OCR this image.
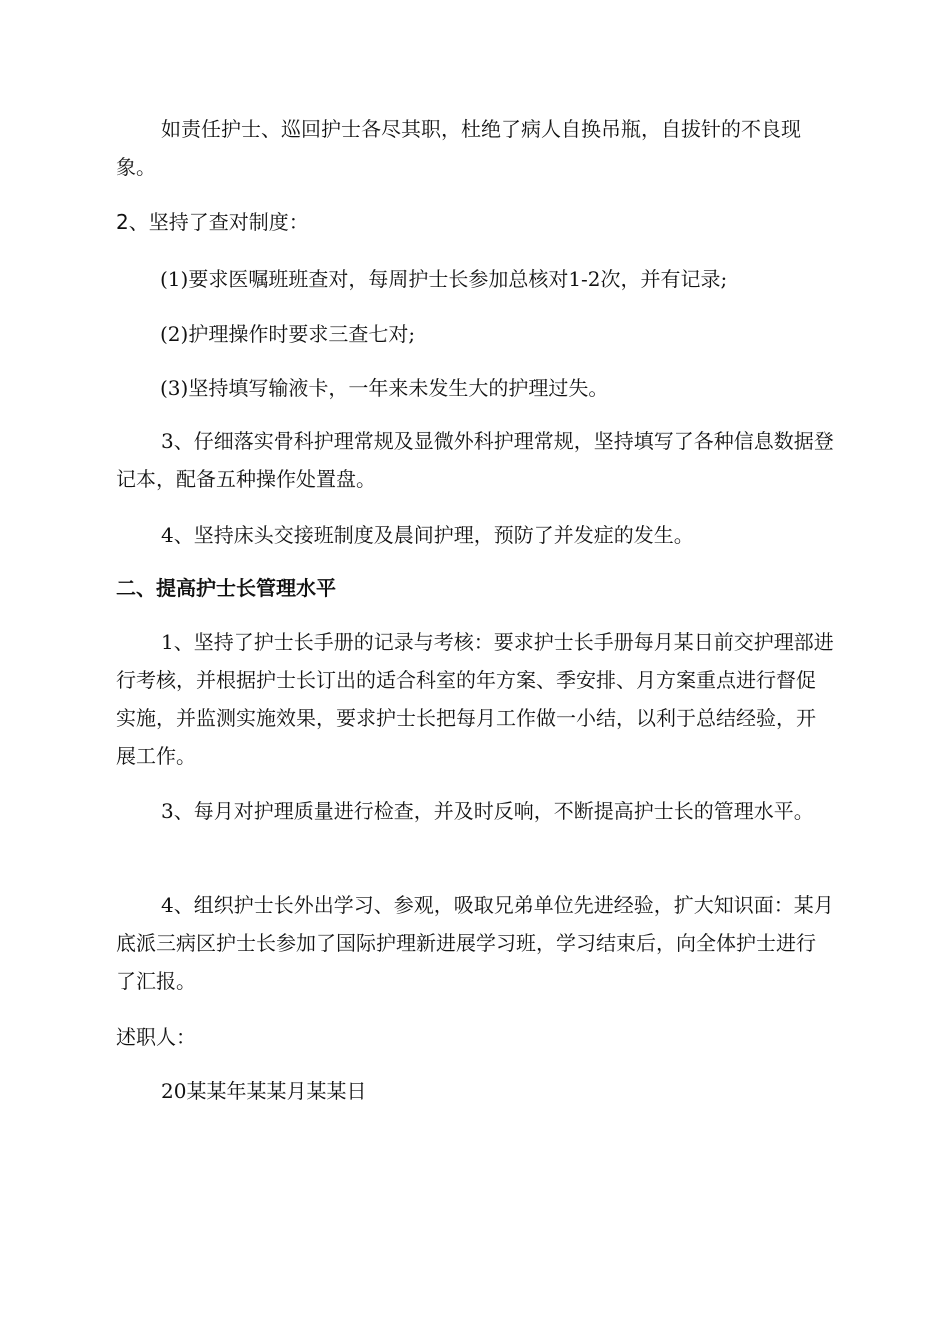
如责任护士、巡回护士各尽其职，杜绝了病人自换吊瓶，自拔针的不良现象。

2、坚持了查对制度：

(1)要求医嘱班班查对，每周护士长参加总核对1-2次，并有记录;

(2)护理操作时要求三查七对;

(3)坚持填写输液卡，一年来未发生大的护理过失。

3、仔细落实骨科护理常规及显微外科护理常规，坚持填写了各种信息数据登记本，配备五种操作处置盘。

4、坚持床头交接班制度及晨间护理，预防了并发症的发生。

二、提高护士长管理水平

1、坚持了护士长手册的记录与考核：要求护士长手册每月某日前交护理部进行考核，并根据护士长订出的适合科室的年方案、季安排、月方案重点进行督促实施，并监测实施效果，要求护士长把每月工作做一小结，以利于总结经验，开展工作。

3、每月对护理质量进行检查，并及时反响，不断提高护士长的管理水平。

4、组织护士长外出学习、参观，吸取兄弟单位先进经验，扩大知识面：某月底派三病区护士长参加了国际护理新进展学习班，学习结束后，向全体护士进行了汇报。

述职人：

20某某年某某月某某日
